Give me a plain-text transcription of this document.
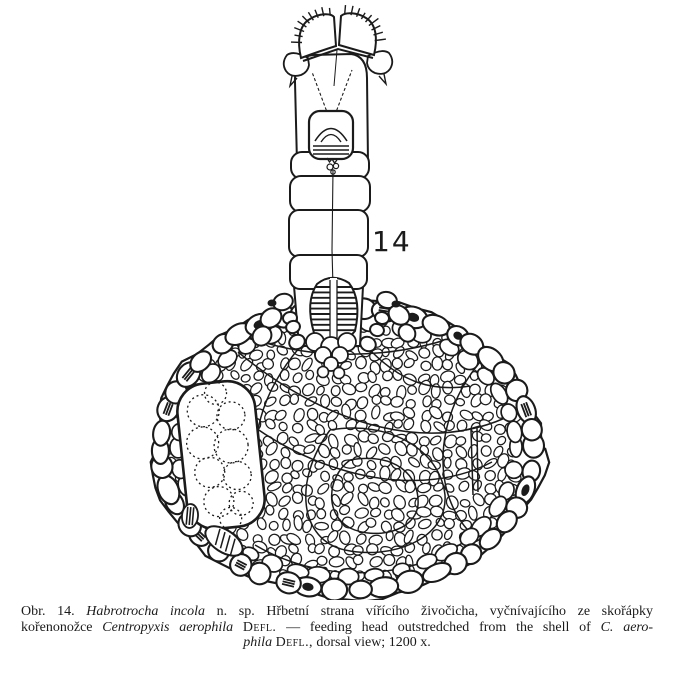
14
Obr. 14. Habrotrocha incola n. sp. Hřbetní strana vířícího živočicha, vyčnívajícího ze skořápky
kořenonožce Centropyxis aerophila Defl. — feeding head outstredched from the shell of C. aero-
phila Defl., dorsal view; 1200 x.
